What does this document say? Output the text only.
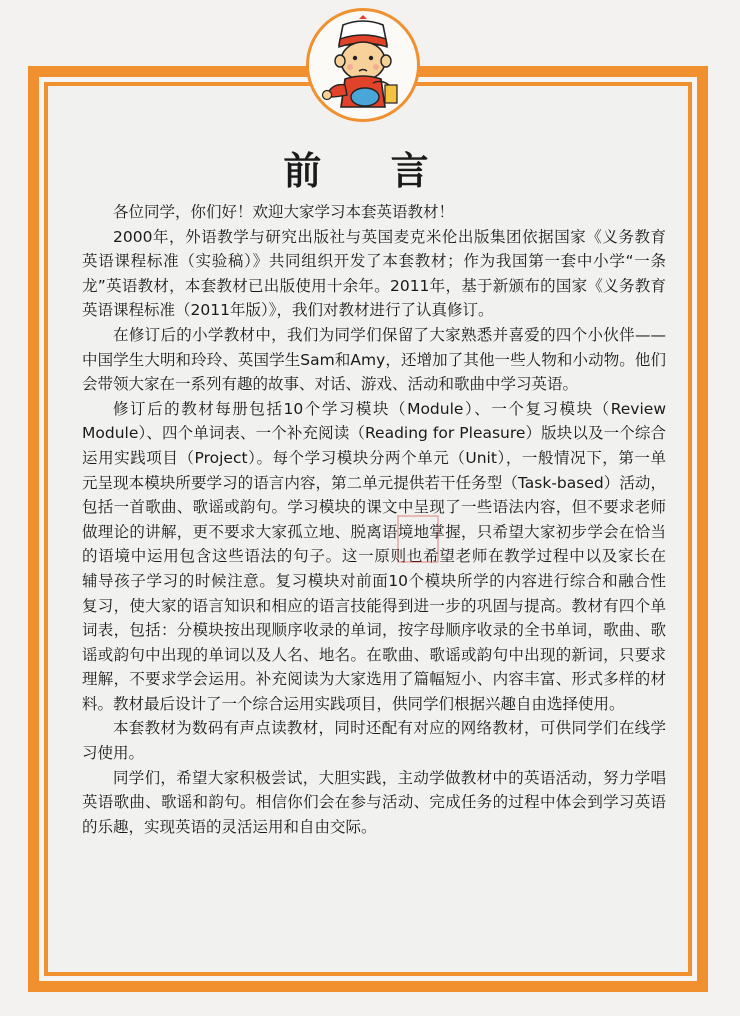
前 言
各位同学，你们好！欢迎大家学习本套英语教材！
2000年，外语教学与研究出版社与英国麦克米伦出版集团依据国家《义务教育
英语课程标准（实验稿）》共同组织开发了本套教材；作为我国第一套中小学“一条
龙”英语教材，本套教材已出版使用十余年。2011年，基于新颁布的国家《义务教育
英语课程标准（2011年版）》，我们对教材进行了认真修订。
在修订后的小学教材中，我们为同学们保留了大家熟悉并喜爱的四个小伙伴——
中国学生大明和玲玲、英国学生Sam和Amy，还增加了其他一些人物和小动物。他们
会带领大家在一系列有趣的故事、对话、游戏、活动和歌曲中学习英语。
修订后的教材每册包括10个学习模块（Module）、一个复习模块（Review
Module）、四个单词表、一个补充阅读（Reading for Pleasure）版块以及一个综合
运用实践项目（Project）。每个学习模块分两个单元（Unit），一般情况下，第一单
元呈现本模块所要学习的语言内容，第二单元提供若干任务型（Task-based）活动，
包括一首歌曲、歌谣或韵句。学习模块的课文中呈现了一些语法内容，但不要求老师
做理论的讲解，更不要求大家孤立地、脱离语境地掌握，只希望大家初步学会在恰当
的语境中运用包含这些语法的句子。这一原则也希望老师在教学过程中以及家长在
辅导孩子学习的时候注意。复习模块对前面10个模块所学的内容进行综合和融合性
复习，使大家的语言知识和相应的语言技能得到进一步的巩固与提高。教材有四个单
词表，包括：分模块按出现顺序收录的单词，按字母顺序收录的全书单词，歌曲、歌
谣或韵句中出现的单词以及人名、地名。在歌曲、歌谣或韵句中出现的新词，只要求
理解，不要求学会运用。补充阅读为大家选用了篇幅短小、内容丰富、形式多样的材
料。教材最后设计了一个综合运用实践项目，供同学们根据兴趣自由选择使用。
本套教材为数码有声点读教材，同时还配有对应的网络教材，可供同学们在线学
习使用。
同学们，希望大家积极尝试，大胆实践，主动学做教材中的英语活动，努力学唱
英语歌曲、歌谣和韵句。相信你们会在参与活动、完成任务的过程中体会到学习英语
的乐趣，实现英语的灵活运用和自由交际。
